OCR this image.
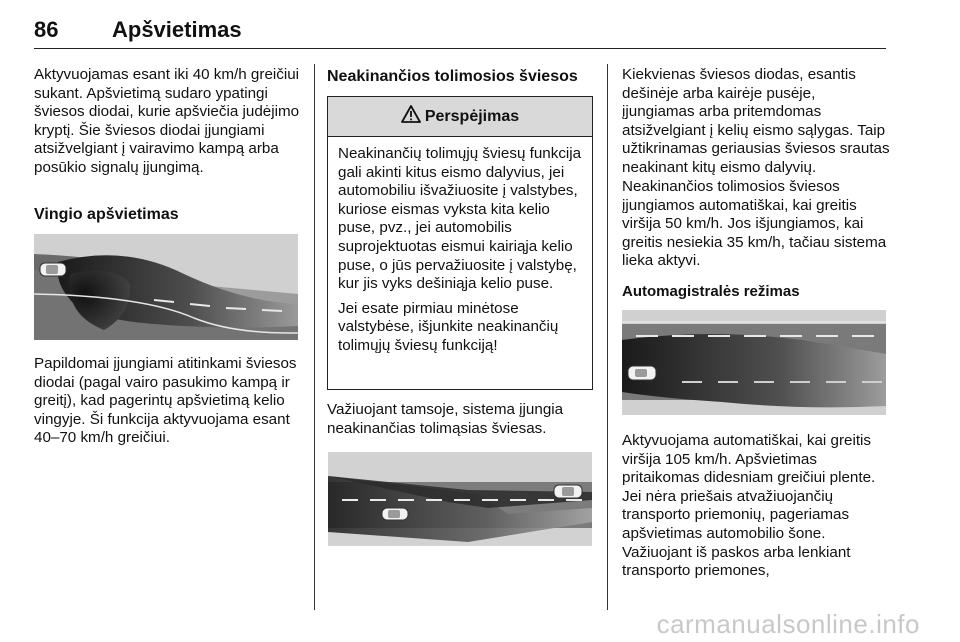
86 Apšvietimas
Aktyvuojamas esant iki 40 km/h greičiui sukant. Apšvietimą sudaro ypatingi šviesos diodai, kurie apšviečia judėjimo kryptį. Šie šviesos diodai įjungiami atsižvelgiant į vairavimo kampą arba posūkio signalų įjungimą.
Vingio apšvietimas
Papildomai įjungiami atitinkami šviesos diodai (pagal vairo pasukimo kampą ir greitį), kad pagerintų apšvietimą kelio vingyje. Ši funkcija aktyvuojama esant 40–70 km/h greičiui.
Neakinančios tolimosios šviesos
Perspėjimas

Neakinančių tolimųjų šviesų funkcija gali akinti kitus eismo dalyvius, jei automobiliu išvažiuosite į valstybes, kuriose eismas vyksta kita kelio puse, pvz., jei automobilis suprojektuotas eismui kairiąja kelio puse, o jūs pervažiuosite į valstybę, kur jis vyks dešiniąja kelio puse.

Jei esate pirmiau minėtose valstybėse, išjunkite neakinančių tolimųjų šviesų funkciją!

Važiuojant tamsoje, sistema įjungia neakinančias tolimąsias šviesas.
Kiekvienas šviesos diodas, esantis dešinėje arba kairėje pusėje, įjungiamas arba pritemdomas atsižvelgiant į kelių eismo sąlygas. Taip užtikrinamas geriausias šviesos srautas neakinant kitų eismo dalyvių.
Neakinančios tolimosios šviesos įjungiamos automatiškai, kai greitis viršija 50 km/h. Jos išjungiamos, kai greitis nesiekia 35 km/h, tačiau sistema lieka aktyvi.
Automagistralės režimas
Aktyvuojama automatiškai, kai greitis viršija 105 km/h. Apšvietimas pritaikomas didesniam greičiui plente. Jei nėra priešais atvažiuojančių transporto priemonių, pageriamas apšvietimas automobilio šone. Važiuojant iš paskos arba lenkiant transporto priemones,
carmanualsonline.info
